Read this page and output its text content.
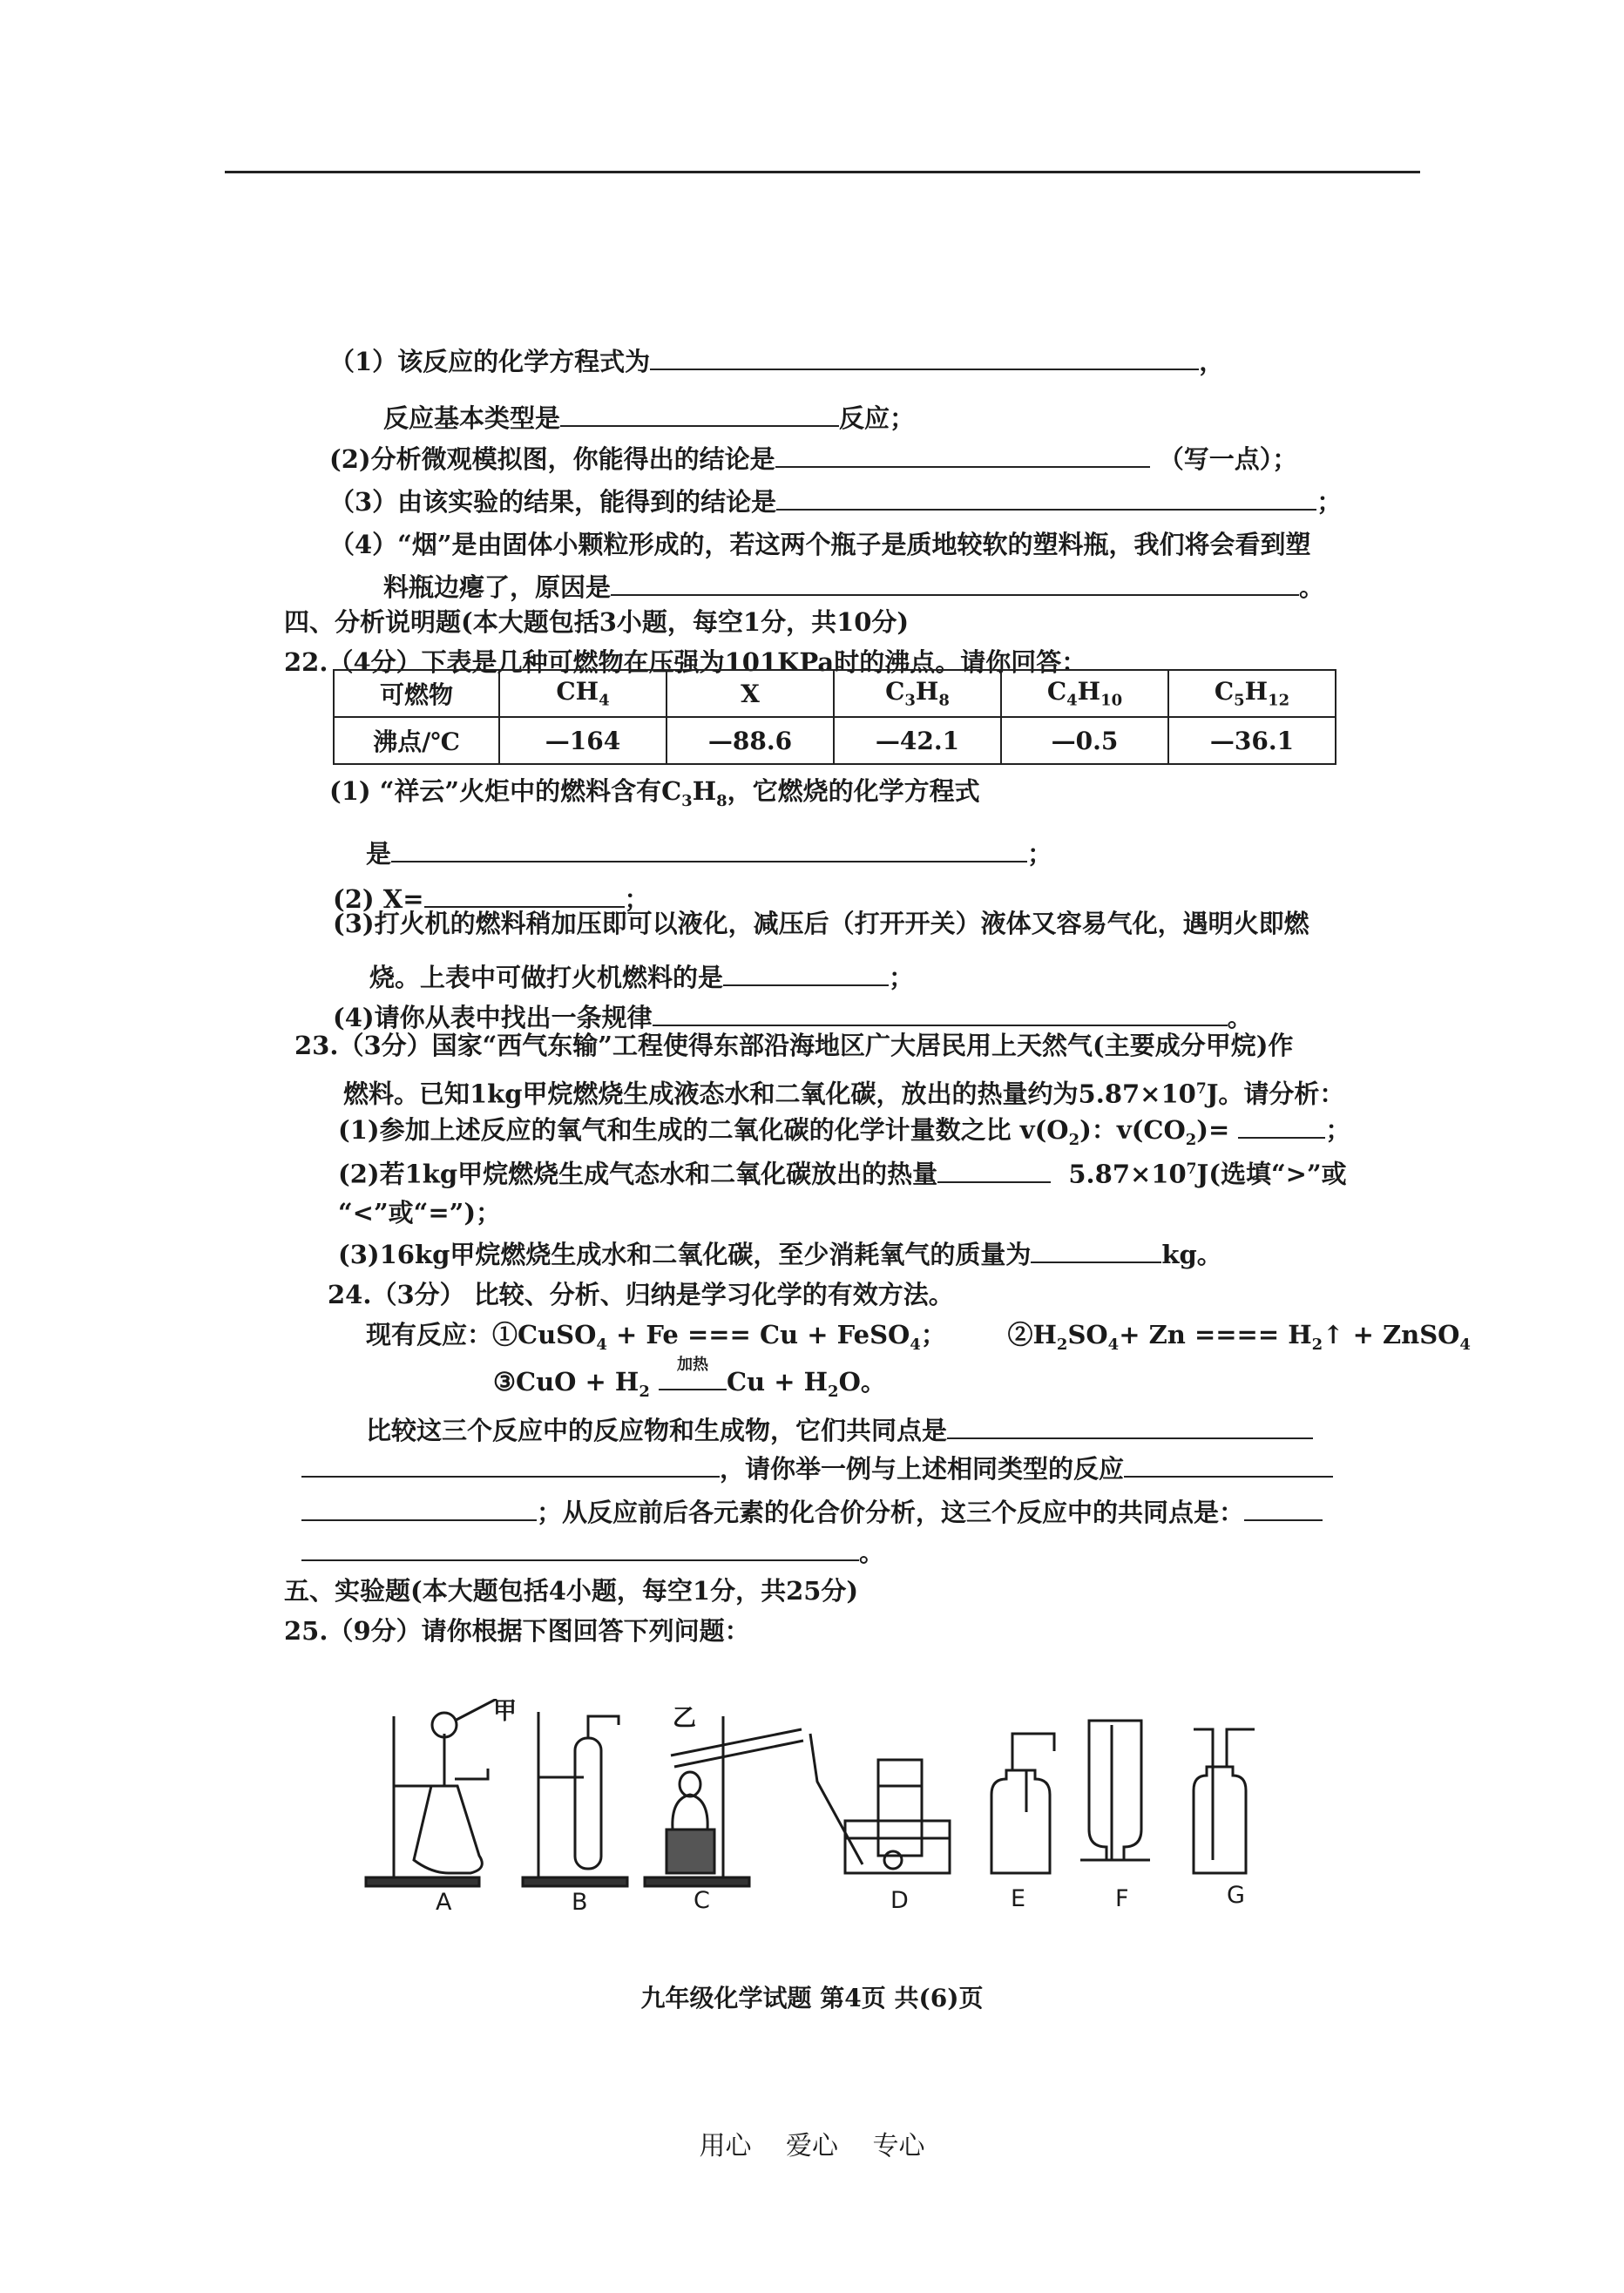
（1）该反应的化学方程式为	，
反应基本类型是	反应；
(2)分析微观模拟图，你能得出的结论是	（写一点）；
（3）由该实验的结果，能得到的结论是	；
（4）“烟”是由固体小颗粒形成的，若这两个瓶子是质地较软的塑料瓶，我们将会看到塑
料瓶边瘪了，原因是	。
四、分析说明题(本大题包括3小题，每空1分，共10分)
22.（4分）下表是几种可燃物在压强为101KPa时的沸点。请你回答：
可燃物	$CH_4$	X	$C_3H_8$	$C_4H_{10}$	$C_5H_{12}$
沸点/℃	—164	—88.6	—42.1	—0.5	—36.1
(1) “祥云”火炬中的燃料含有$C_3H_8$，它燃烧的化学方程式
是	；
(2) X=	；
(3)打火机的燃料稍加压即可以液化，减压后（打开开关）液体又容易气化，遇明火即燃
烧。上表中可做打火机燃料的是	；
(4)请你从表中找出一条规律	。
23.（3分）国家“西气东输”工程使得东部沿海地区广大居民用上天然气(主要成分甲烷)作
燃料。已知1kg甲烷燃烧生成液态水和二氧化碳，放出的热量约为$5.87\times 10^7J$。请分析：
(1)参加上述反应的氧气和生成的二氧化碳的化学计量数之比 $v(O_2)$：$v(CO_2)=$	；
(2)若1kg甲烷燃烧生成气态水和二氧化碳放出的热量	$5.87\times 10^7J$(选填“>”或
“<”或“=”)；
(3)16kg甲烷燃烧生成水和二氧化碳，至少消耗氧气的质量为	kg。
24.（3分） 比较、分析、归纳是学习化学的有效方法。
现有反应：①CuSO$_4$ + Fe === Cu + FeSO$_4$； $②H_2SO_4+ Zn$ ==== $H_2↑$ + ZnSO$_4$
③CuO + $H_2$
加热
$Cu + H_2O$。
比较这三个反应中的反应物和生成物，它们共同点是
，请你举一例与上述相同类型的反应
；从反应前后各元素的化合价分析，这三个反应中的共同点是：
。
五、实验题(本大题包括4小题，每空1分，共25分)
25.（9分）请你根据下图回答下列问题：
甲	乙
A	B	C	D	E	F	G
九年级化学试题 第4页 共(6)页
用心 爱心 专心
